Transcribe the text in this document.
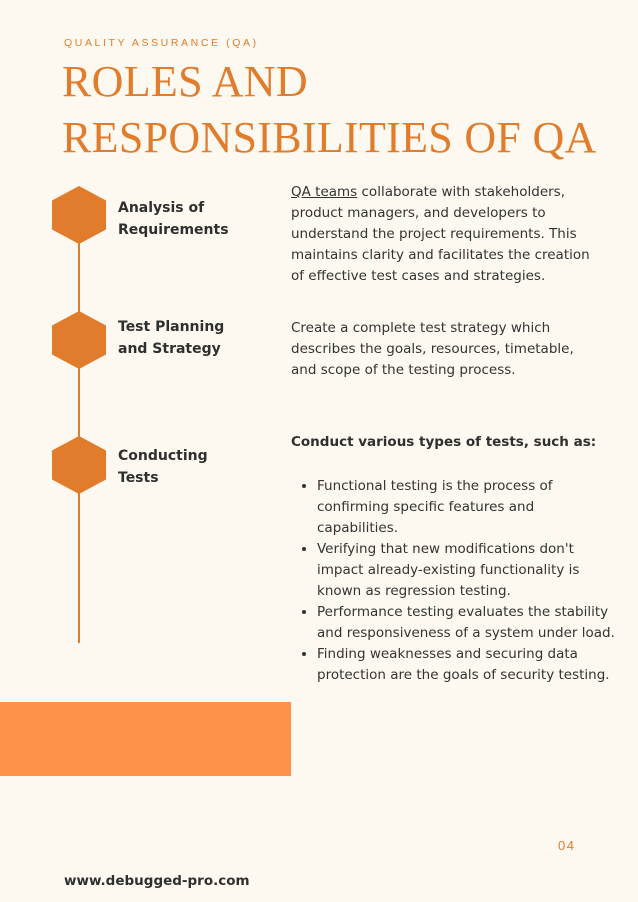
QUALITY ASSURANCE (QA)
ROLES AND
RESPONSIBILITIES OF QA
Analysis of
Requirements
QA teams collaborate with stakeholders, product managers, and developers to understand the project requirements. This maintains clarity and facilitates the creation of effective test cases and strategies.
Test Planning
and Strategy
Create a complete test strategy which describes the goals, resources, timetable, and scope of the testing process.
Conducting
Tests
Conduct various types of tests, such as:
• Functional testing is the process of confirming specific features and capabilities.
• Verifying that new modifications don't impact already-existing functionality is known as regression testing.
• Performance testing evaluates the stability and responsiveness of a system under load.
• Finding weaknesses and securing data protection are the goals of security testing.
04
www.debugged-pro.com
